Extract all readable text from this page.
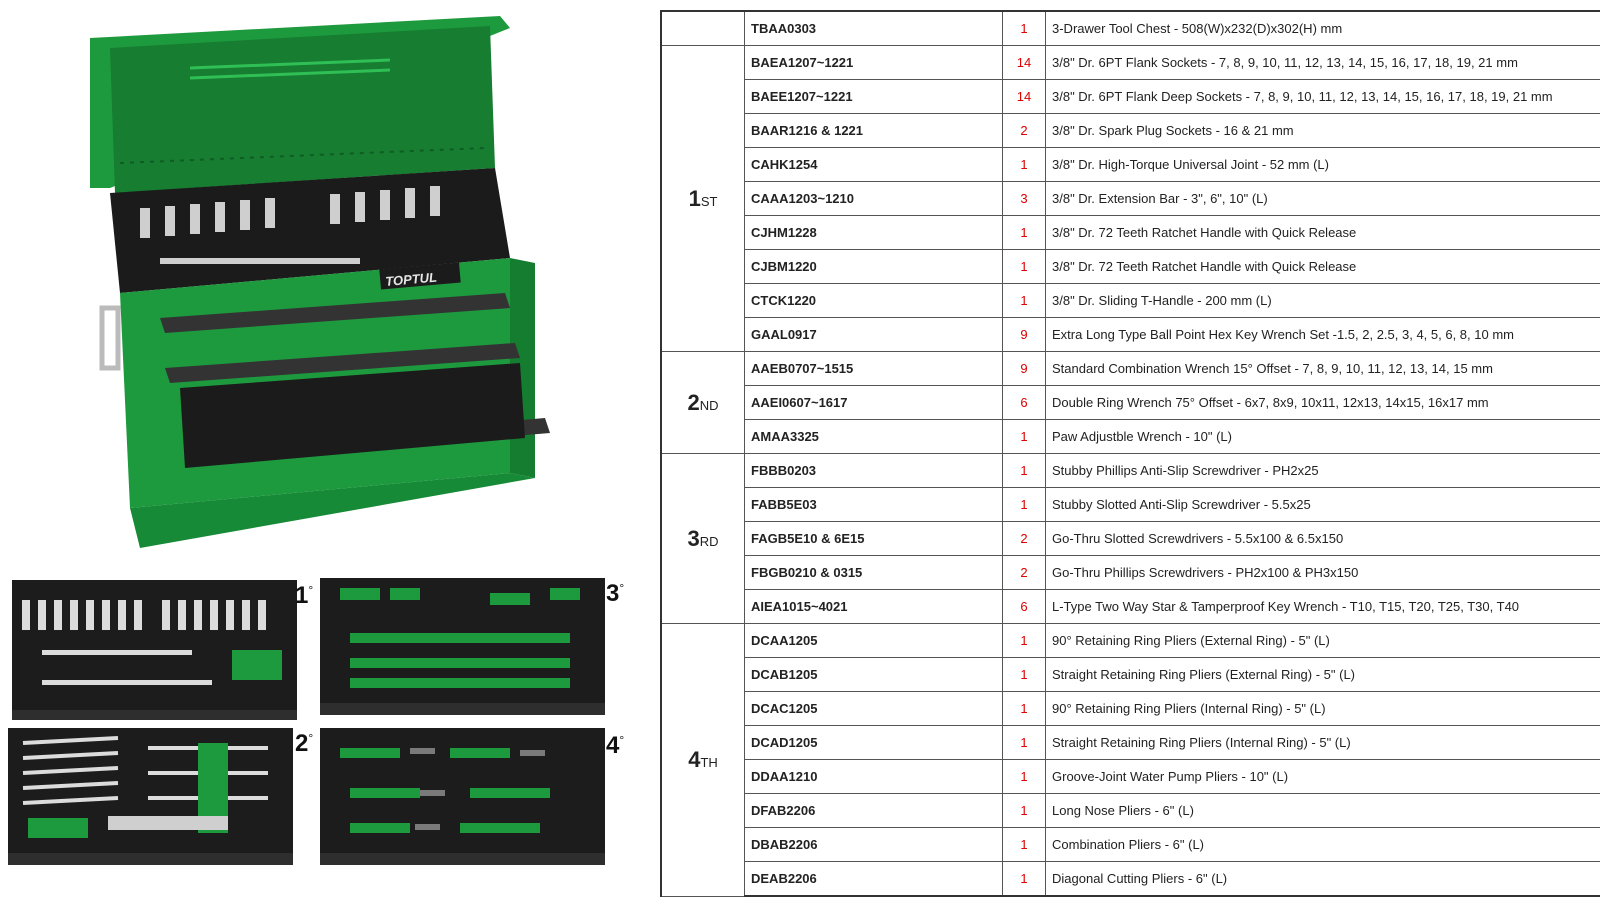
TOPTUL
1°	3°
2°	4°
	TBAA0303	1	3-Drawer Tool Chest - 508(W)x232(D)x302(H) mm
1ST	BAEA1207~1221	14	3/8" Dr. 6PT Flank Sockets - 7, 8, 9, 10, 11, 12, 13, 14, 15, 16, 17, 18, 19, 21 mm
	BAEE1207~1221	14	3/8" Dr. 6PT Flank Deep Sockets - 7, 8, 9, 10, 11, 12, 13, 14, 15, 16, 17, 18, 19, 21 mm
	BAAR1216 & 1221	2	3/8" Dr. Spark Plug Sockets - 16 & 21 mm
	CAHK1254	1	3/8" Dr. High-Torque Universal Joint - 52 mm (L)
	CAAA1203~1210	3	3/8" Dr. Extension Bar - 3", 6", 10" (L)
	CJHM1228	1	3/8" Dr. 72 Teeth Ratchet Handle with Quick Release
	CJBM1220	1	3/8" Dr. 72 Teeth Ratchet Handle with Quick Release
	CTCK1220	1	3/8" Dr. Sliding T-Handle - 200 mm (L)
	GAAL0917	9	Extra Long Type Ball Point Hex Key Wrench Set -1.5, 2, 2.5, 3, 4, 5, 6, 8, 10 mm
2ND	AAEB0707~1515	9	Standard Combination Wrench 15° Offset - 7, 8, 9, 10, 11, 12, 13, 14, 15 mm
	AAEI0607~1617	6	Double Ring Wrench 75° Offset - 6x7, 8x9, 10x11, 12x13, 14x15, 16x17 mm
	AMAA3325	1	Paw Adjustble Wrench - 10" (L)
3RD	FBBB0203	1	Stubby Phillips Anti-Slip Screwdriver - PH2x25
	FABB5E03	1	Stubby Slotted Anti-Slip Screwdriver - 5.5x25
	FAGB5E10 & 6E15	2	Go-Thru Slotted Screwdrivers - 5.5x100 & 6.5x150
	FBGB0210 & 0315	2	Go-Thru Phillips Screwdrivers - PH2x100 & PH3x150
	AIEA1015~4021	6	L-Type Two Way Star & Tamperproof Key Wrench - T10, T15, T20, T25, T30, T40
4TH	DCAA1205	1	90° Retaining Ring Pliers (External Ring) - 5" (L)
	DCAB1205	1	Straight Retaining Ring Pliers (External Ring) - 5" (L)
	DCAC1205	1	90° Retaining Ring Pliers (Internal Ring) - 5" (L)
	DCAD1205	1	Straight Retaining Ring Pliers (Internal Ring) - 5" (L)
	DDAA1210	1	Groove-Joint Water Pump Pliers - 10" (L)
	DFAB2206	1	Long Nose Pliers - 6" (L)
	DBAB2206	1	Combination Pliers - 6" (L)
	DEAB2206	1	Diagonal Cutting Pliers - 6" (L)
